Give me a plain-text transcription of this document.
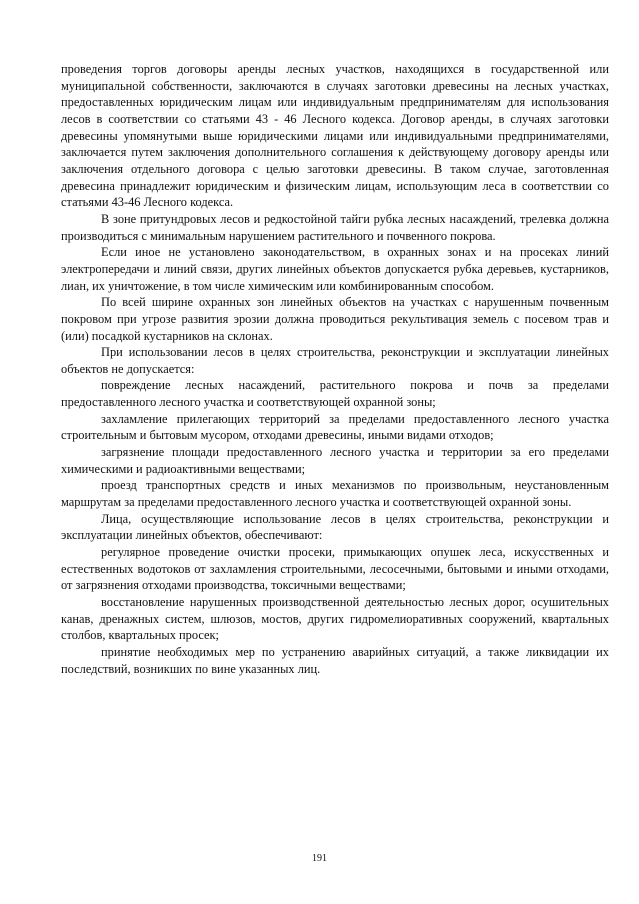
проведения торгов договоры аренды лесных участков, находящихся в государственной или муниципальной собственности, заключаются в случаях заготовки древесины на лесных участках, предоставленных юридическим лицам или индивидуальным предпринимателям для использования лесов в соответствии со статьями 43 - 46 Лесного кодекса. Договор аренды, в случаях заготовки древесины упомянутыми выше юридическими лицами или индивидуальными предпринимателями, заключается путем заключения дополнительного соглашения к действующему договору аренды или заключения отдельного договора с целью заготовки древесины. В таком случае, заготовленная древесина принадлежит юридическим и физическим лицам, использующим леса в соответствии со статьями 43-46 Лесного кодекса.

В зоне притундровых лесов и редкостойной тайги рубка лесных насаждений, трелевка должна производиться с минимальным нарушением растительного и почвенного покрова.

Если иное не установлено законодательством, в охранных зонах и на просеках линий электропередачи и линий связи, других линейных объектов допускается рубка деревьев, кустарников, лиан, их уничтожение, в том числе химическим или комбинированным способом.

По всей ширине охранных зон линейных объектов на участках с нарушенным почвенным покровом при угрозе развития эрозии должна проводиться рекультивация земель с посевом трав и (или) посадкой кустарников на склонах.

При использовании лесов в целях строительства, реконструкции и эксплуатации линейных объектов не допускается:

повреждение лесных насаждений, растительного покрова и почв за пределами предоставленного лесного участка и соответствующей охранной зоны;

захламление прилегающих территорий за пределами предоставленного лесного участка строительным и бытовым мусором, отходами древесины, иными видами отходов;

загрязнение площади предоставленного лесного участка и территории за его пределами химическими и радиоактивными веществами;

проезд транспортных средств и иных механизмов по произвольным, неустановленным маршрутам за пределами предоставленного лесного участка и соответствующей охранной зоны.

Лица, осуществляющие использование лесов в целях строительства, реконструкции и эксплуатации линейных объектов, обеспечивают:

регулярное проведение очистки просеки, примыкающих опушек леса, искусственных и естественных водотоков от захламления строительными, лесосечными, бытовыми и иными отходами, от загрязнения отходами производства, токсичными веществами;

восстановление нарушенных производственной деятельностью лесных дорог, осушительных канав, дренажных систем, шлюзов, мостов, других гидромелиоративных сооружений, квартальных столбов, квартальных просек;

принятие необходимых мер по устранению аварийных ситуаций, а также ликвидации их последствий, возникших по вине указанных лиц.

191
